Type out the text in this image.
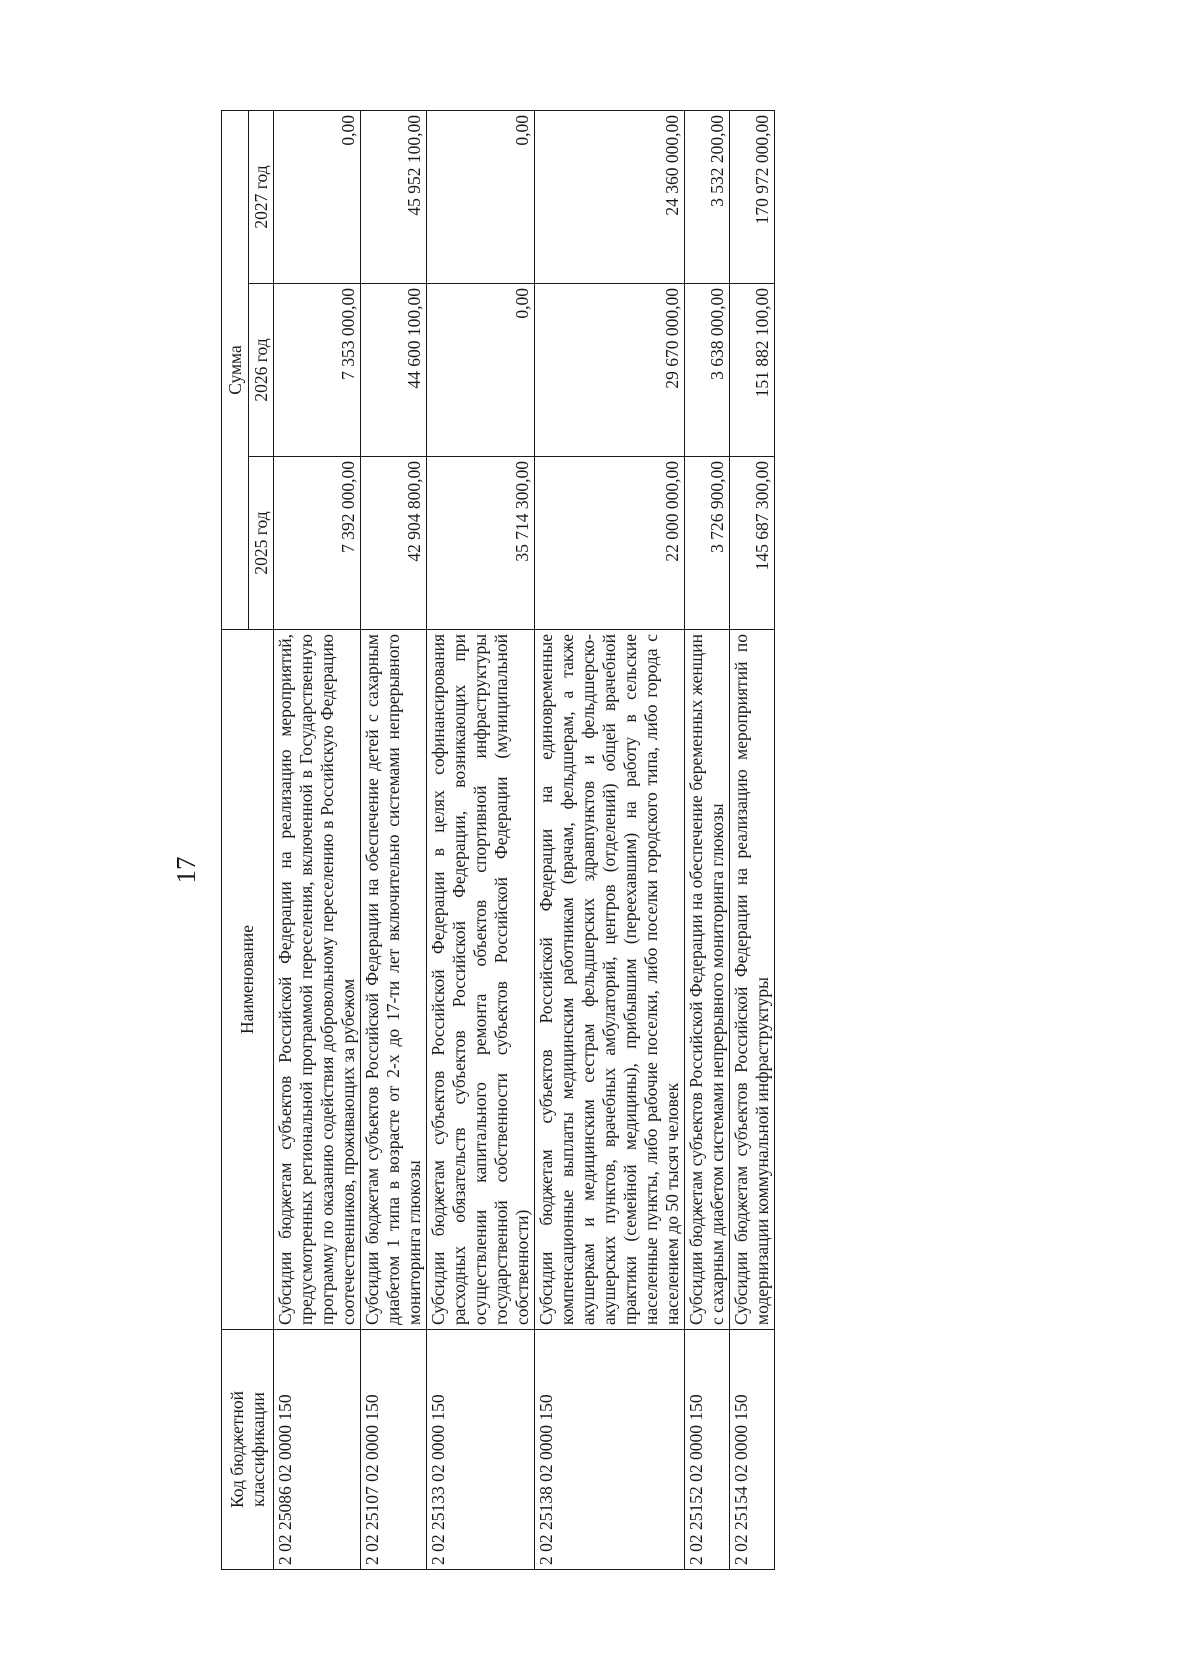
17
Код бюджетной классификации	Наименование	Сумма		
		2025 год	2026 год	2027 год
2 02 25086 02 0000 150	Субсидии бюджетам субъектов Российской Федерации на реализацию мероприятий, предусмотренных региональной программой переселения, включенной в Государственную программу по оказанию содействия добровольному переселению в Российскую Федерацию соотечественников, проживающих за рубежом	7 392 000,00	7 353 000,00	0,00
2 02 25107 02 0000 150	Субсидии бюджетам субъектов Российской Федерации на обеспечение детей с сахарным диабетом 1 типа в возрасте от 2-х до 17-ти лет включительно системами непрерывного мониторинга глюкозы	42 904 800,00	44 600 100,00	45 952 100,00
2 02 25133 02 0000 150	Субсидии бюджетам субъектов Российской Федерации в целях софинансирования расходных обязательств субъектов Российской Федерации, возникающих при осуществлении капитального ремонта объектов спортивной инфраструктуры государственной собственности субъектов Российской Федерации (муниципальной собственности)	35 714 300,00	0,00	0,00
2 02 25138 02 0000 150	Субсидии бюджетам субъектов Российской Федерации на единовременные компенсационные выплаты медицинским работникам (врачам, фельдшерам, а также акушеркам и медицинским сестрам фельдшерских здравпунктов и фельдшерско-акушерских пунктов, врачебных амбулаторий, центров (отделений) общей врачебной практики (семейной медицины), прибывшим (переехавшим) на работу в сельские населенные пункты, либо рабочие поселки, либо поселки городского типа, либо города с населением до 50 тысяч человек	22 000 000,00	29 670 000,00	24 360 000,00
2 02 25152 02 0000 150	Субсидии бюджетам субъектов Российской Федерации на обеспечение беременных женщин с сахарным диабетом системами непрерывного мониторинга глюкозы	3 726 900,00	3 638 000,00	3 532 200,00
2 02 25154 02 0000 150	Субсидии бюджетам субъектов Российской Федерации на реализацию мероприятий по модернизации коммунальной инфраструктуры	145 687 300,00	151 882 100,00	170 972 000,00
